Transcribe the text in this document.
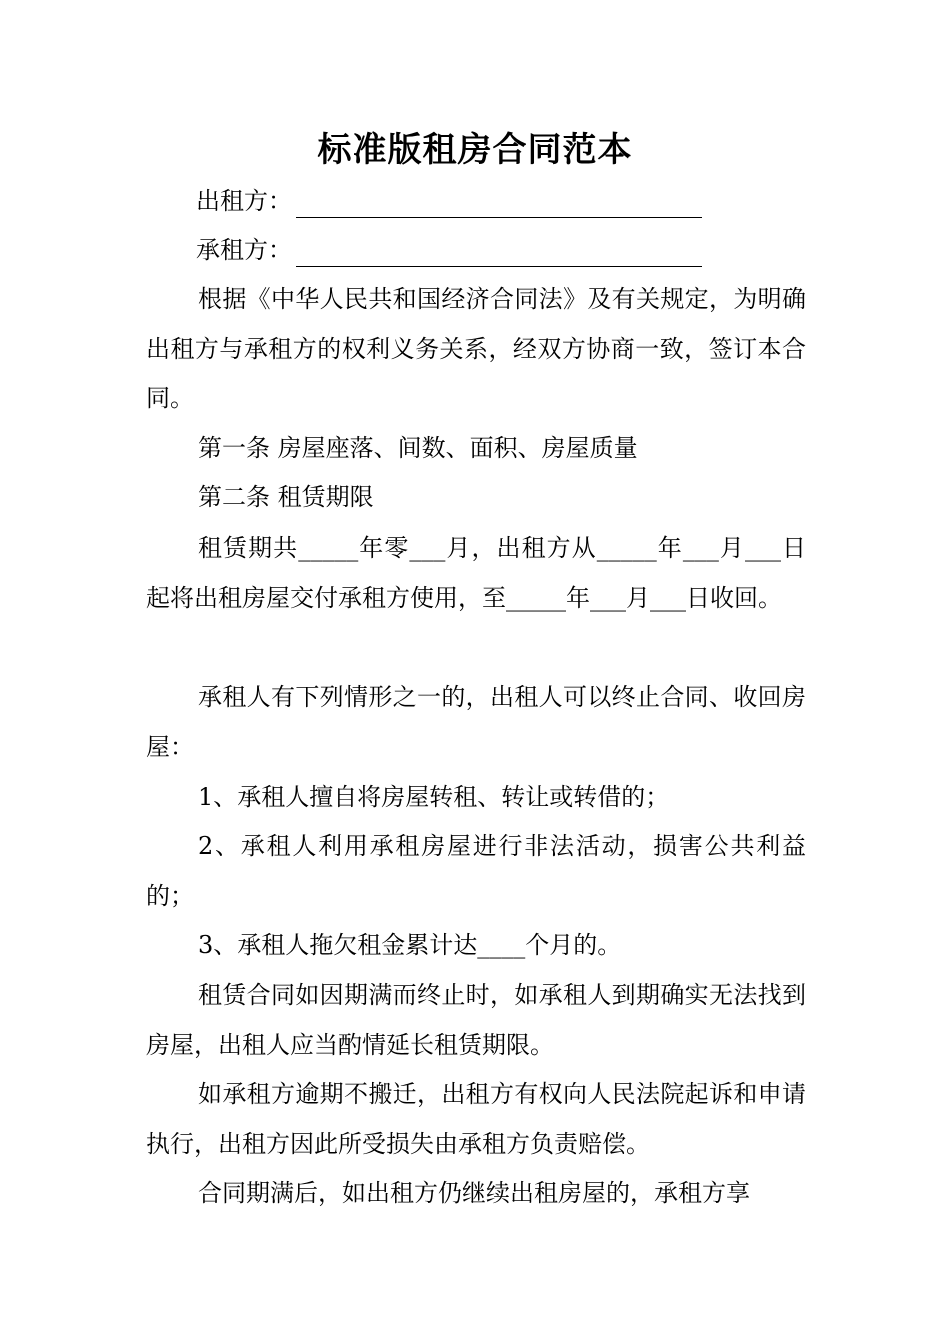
标准版租房合同范本
出租方：
承租方：

根据《中华人民共和国经济合同法》及有关规定，为明确出租方与承租方的权利义务关系，经双方协商一致，签订本合同。

第一条 房屋座落、间数、面积、房屋质量

第二条 租赁期限

租赁期共_____年零___月，出租方从_____年___月___日起将出租房屋交付承租方使用，至_____年___月___日收回。

承租人有下列情形之一的，出租人可以终止合同、收回房屋：

1、承租人擅自将房屋转租、转让或转借的；

2、承租人利用承租房屋进行非法活动，损害公共利益的；

3、承租人拖欠租金累计达____个月的。

租赁合同如因期满而终止时，如承租人到期确实无法找到房屋，出租人应当酌情延长租赁期限。

如承租方逾期不搬迁，出租方有权向人民法院起诉和申请执行，出租方因此所受损失由承租方负责赔偿。

合同期满后，如出租方仍继续出租房屋的，承租方享
